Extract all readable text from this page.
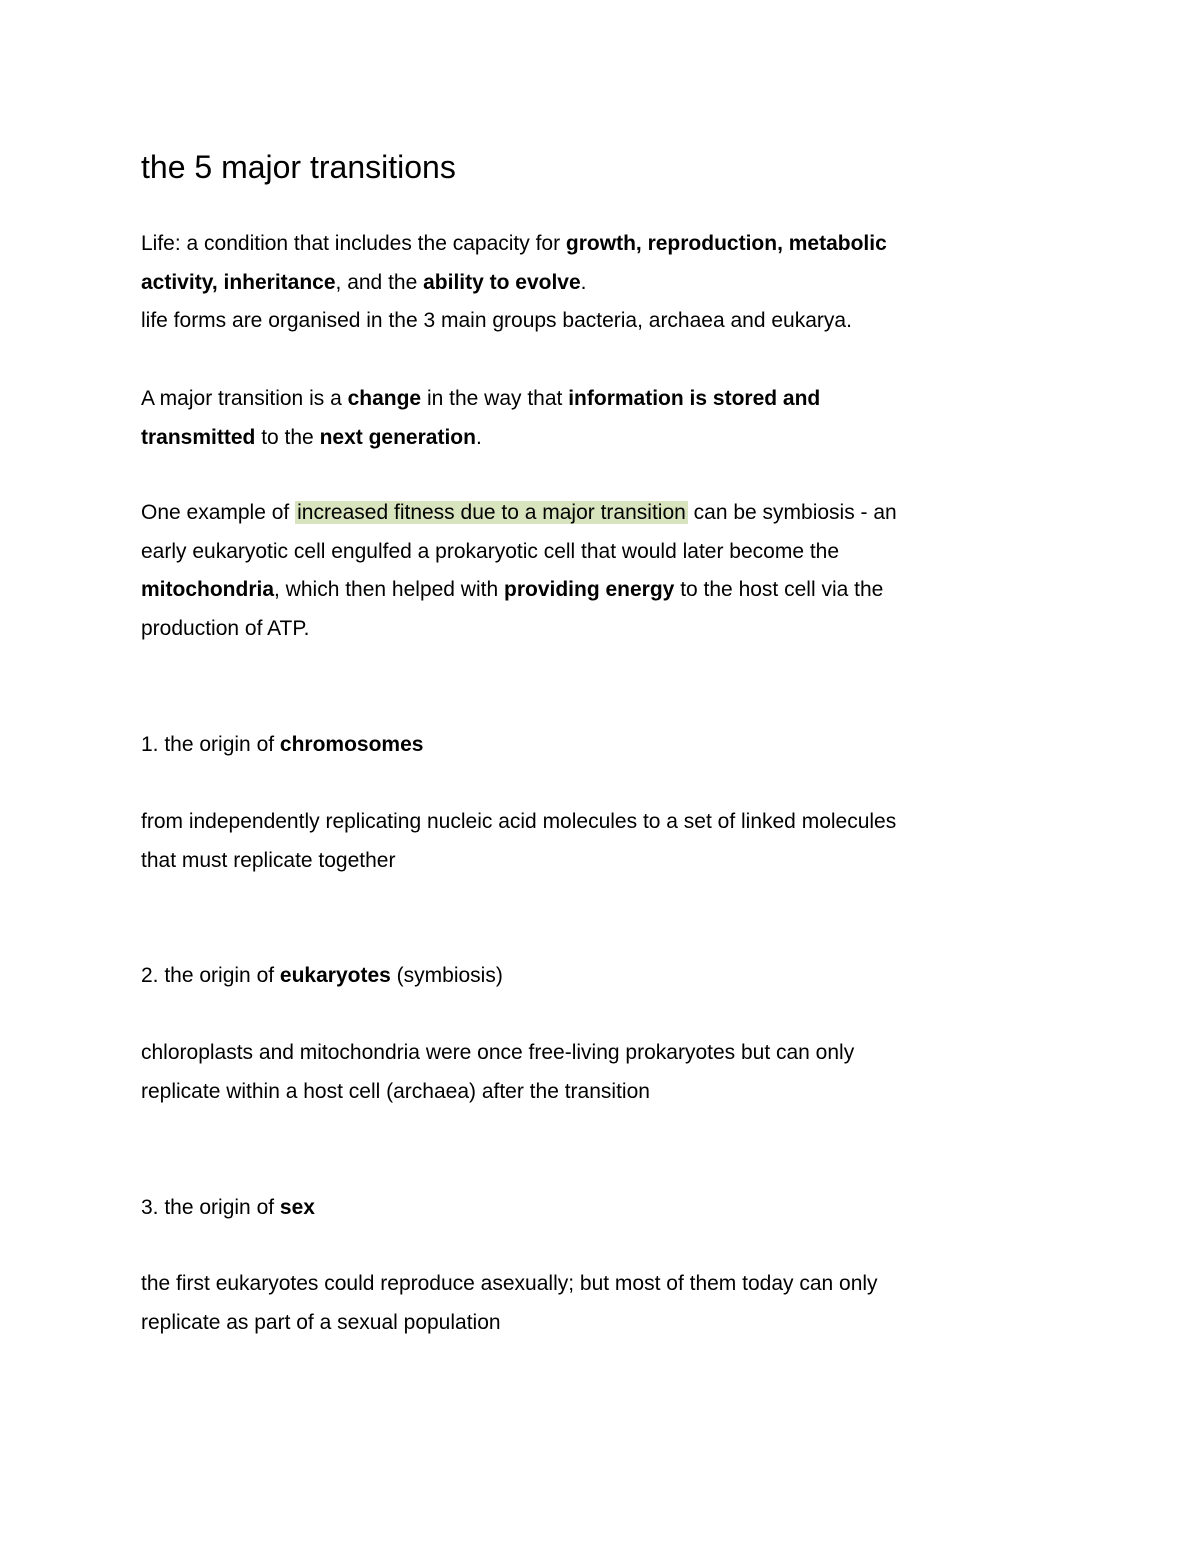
the 5 major transitions

Life: a condition that includes the capacity for growth, reproduction, metabolic
activity, inheritance, and the ability to evolve.
life forms are organised in the 3 main groups bacteria, archaea and eukarya.

A major transition is a change in the way that information is stored and
transmitted to the next generation.

One example of increased fitness due to a major transition can be symbiosis - an
early eukaryotic cell engulfed a prokaryotic cell that would later become the
mitochondria, which then helped with providing energy to the host cell via the
production of ATP.

1. the origin of chromosomes

from independently replicating nucleic acid molecules to a set of linked molecules
that must replicate together

2. the origin of eukaryotes (symbiosis)

chloroplasts and mitochondria were once free-living prokaryotes but can only
replicate within a host cell (archaea) after the transition

3. the origin of sex

the first eukaryotes could reproduce asexually; but most of them today can only
replicate as part of a sexual population
